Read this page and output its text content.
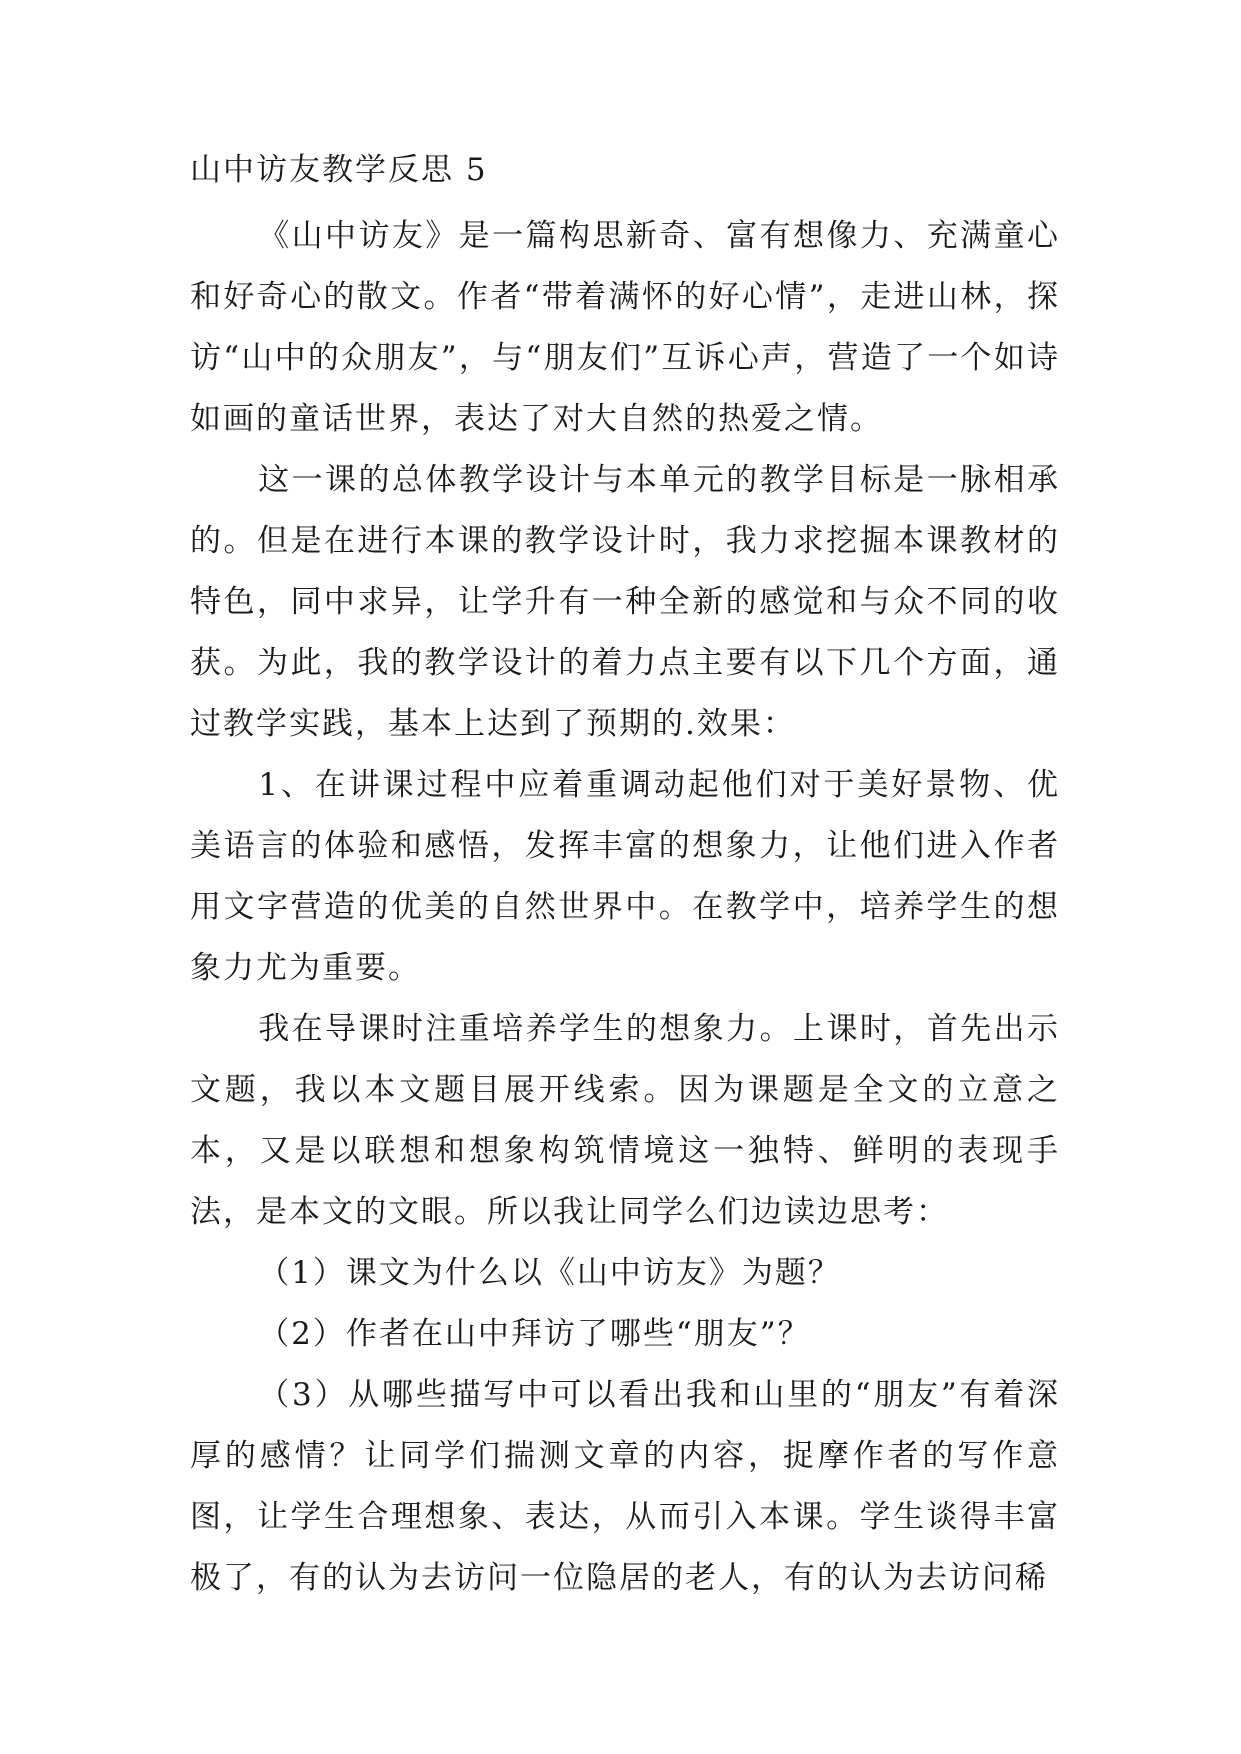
山中访友教学反思 5

《山中访友》是一篇构思新奇、富有想像力、充满童心和好奇心的散文。作者“带着满怀的好心情”，走进山林，探访“山中的众朋友”，与“朋友们”互诉心声，营造了一个如诗如画的童话世界，表达了对大自然的热爱之情。

这一课的总体教学设计与本单元的教学目标是一脉相承的。但是在进行本课的教学设计时，我力求挖掘本课教材的特色，同中求异，让学升有一种全新的感觉和与众不同的收获。为此，我的教学设计的着力点主要有以下几个方面，通过教学实践，基本上达到了预期的.效果：

1、在讲课过程中应着重调动起他们对于美好景物、优美语言的体验和感悟，发挥丰富的想象力，让他们进入作者用文字营造的优美的自然世界中。在教学中，培养学生的想象力尤为重要。

我在导课时注重培养学生的想象力。上课时，首先出示文题，我以本文题目展开线索。因为课题是全文的立意之本，又是以联想和想象构筑情境这一独特、鲜明的表现手法，是本文的文眼。所以我让同学么们边读边思考：

（1）课文为什么以《山中访友》为题？

（2）作者在山中拜访了哪些“朋友”？

（3）从哪些描写中可以看出我和山里的“朋友”有着深厚的感情？让同学们揣测文章的内容，捉摩作者的写作意图，让学生合理想象、表达，从而引入本课。学生谈得丰富极了，有的认为去访问一位隐居的老人，有的认为去访问稀
